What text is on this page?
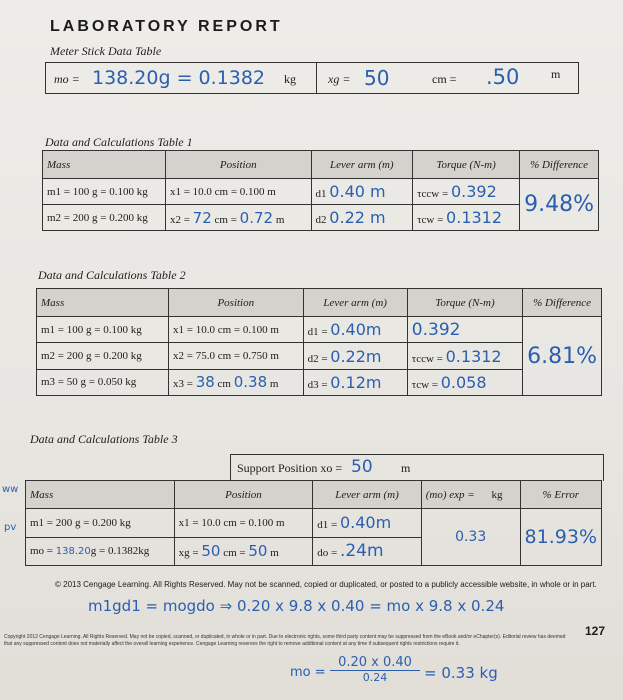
LABORATORY REPORT
Meter Stick Data Table
mo = 138.20g = 0.1382 kg	xg = 50	cm = .50	m
Data and Calculations Table 1
Mass	Position	Lever arm (m)	Torque (N-m)	% Difference
m1 = 100 g = 0.100 kg	x1 = 10.0 cm = 0.100 m	d1 0.40 m	τccw = 0.392	9.48%
m2 = 200 g = 0.200 kg	x2 = 72 cm = 0.72 m	d2 0.22 m	τcw = 0.1312	
Data and Calculations Table 2
Mass	Position	Lever arm (m)	Torque (N-m)	% Difference
m1 = 100 g = 0.100 kg	x1 = 10.0 cm = 0.100 m	d1 = 0.40m	0.392	6.81%
m2 = 200 g = 0.200 kg	x2 = 75.0 cm = 0.750 m	d2 = 0.22m	τccw = 0.1312	
m3 = 50 g = 0.050 kg	x3 = 38 cm 0.38 m	d3 = 0.12m	τcw = 0.058	
Data and Calculations Table 3
Support Position xo = 50 m
Mass	Position	Lever arm (m)	(mo) exp = kg	% Error
m1 = 200 g = 0.200 kg	x1 = 10.0 cm = 0.100 m	d1 = 0.40m	0.33	81.93%
mo = 138.20g = 0.1382kg	xg = 50 cm = 50 m	do = .24m		
ww
pv
© 2013 Cengage Learning. All Rights Reserved. May not be scanned, copied or duplicated, or posted to a publicly accessible website, in whole or in part.
m1gd1 = mogdo ⇒ 0.20 x 9.8 x 0.40 = mo x 9.8 x 0.24
127
Copyright 2012 Cengage Learning. All Rights Reserved. May not be copied, scanned, or duplicated, in whole or in part. Due to electronic rights, some third party content may be suppressed from the eBook and/or eChapter(s). Editorial review has deemed that any suppressed content does not materially affect the overall learning experience. Cengage Learning reserves the right to remove additional content at any time if subsequent rights restrictions require it.
mo =
0.20 x 0.40
0.24	= 0.33 kg
